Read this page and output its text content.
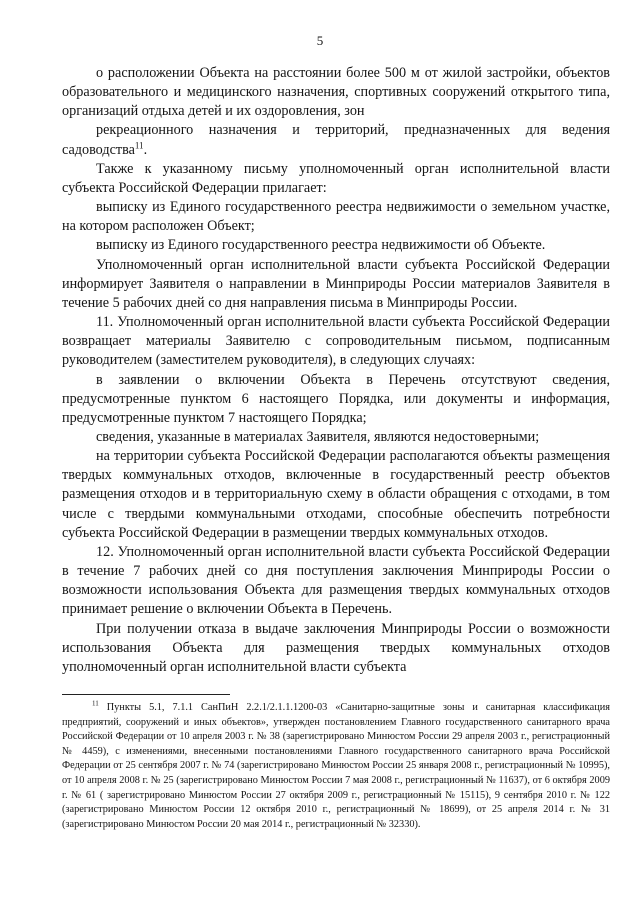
5

о расположении Объекта на расстоянии более 500 м от жилой застройки, объектов образовательного и медицинского назначения, спортивных сооружений открытого типа, организаций отдыха детей и их оздоровления, зон

рекреационного назначения и территорий, предназначенных для ведения садоводства$^{11}$.

Также к указанному письму уполномоченный орган исполнительной власти субъекта Российской Федерации прилагает:

выписку из Единого государственного реестра недвижимости о земельном участке, на котором расположен Объект;

выписку из Единого государственного реестра недвижимости об Объекте.

Уполномоченный орган исполнительной власти субъекта Российской Федерации информирует Заявителя о направлении в Минприроды России материалов Заявителя в течение 5 рабочих дней со дня направления письма в Минприроды России.

11. Уполномоченный орган исполнительной власти субъекта Российской Федерации возвращает материалы Заявителю с сопроводительным письмом, подписанным руководителем (заместителем руководителя), в следующих случаях:

в заявлении о включении Объекта в Перечень отсутствуют сведения, предусмотренные пунктом 6 настоящего Порядка, или документы и информация, предусмотренные пунктом 7 настоящего Порядка;

сведения, указанные в материалах Заявителя, являются недостоверными;

на территории субъекта Российской Федерации располагаются объекты размещения твердых коммунальных отходов, включенные в государственный реестр объектов размещения отходов и в территориальную схему в области обращения с отходами, в том числе с твердыми коммунальными отходами, способные обеспечить потребности субъекта Российской Федерации в размещении твердых коммунальных отходов.

12. Уполномоченный орган исполнительной власти субъекта Российской Федерации в течение 7 рабочих дней со дня поступления заключения Минприроды России о возможности использования Объекта для размещения твердых коммунальных отходов принимает решение о включении Объекта в Перечень.

При получении отказа в выдаче заключения Минприроды России о возможности использования Объекта для размещения твердых коммунальных отходов уполномоченный орган исполнительной власти субъекта

$^{11}$ Пункты 5.1, 7.1.1 СанПиН 2.2.1/2.1.1.1200-03 «Санитарно-защитные зоны и санитарная классификация предприятий, сооружений и иных объектов», утвержден постановлением Главного государственного санитарного врача Российской Федерации от 10 апреля 2003 г. № 38 (зарегистрировано Минюстом России 29 апреля 2003 г., регистрационный № 4459), с изменениями, внесенными постановлениями Главного государственного санитарного врача Российской Федерации от 25 сентября 2007 г. № 74 (зарегистрировано Минюстом России 25 января 2008 г., регистрационный № 10995), от 10 апреля 2008 г. № 25 (зарегистрировано Минюстом России 7 мая 2008 г., регистрационный № 11637), от 6 октября 2009 г. № 61 ( зарегистрировано Минюстом России 27 октября 2009 г., регистрационный № 15115), 9 сентября 2010 г. № 122 (зарегистрировано Минюстом России 12 октября 2010 г., регистрационный № 18699), от 25 апреля 2014 г. № 31 (зарегистрировано Минюстом России 20 мая 2014 г., регистрационный № 32330).
